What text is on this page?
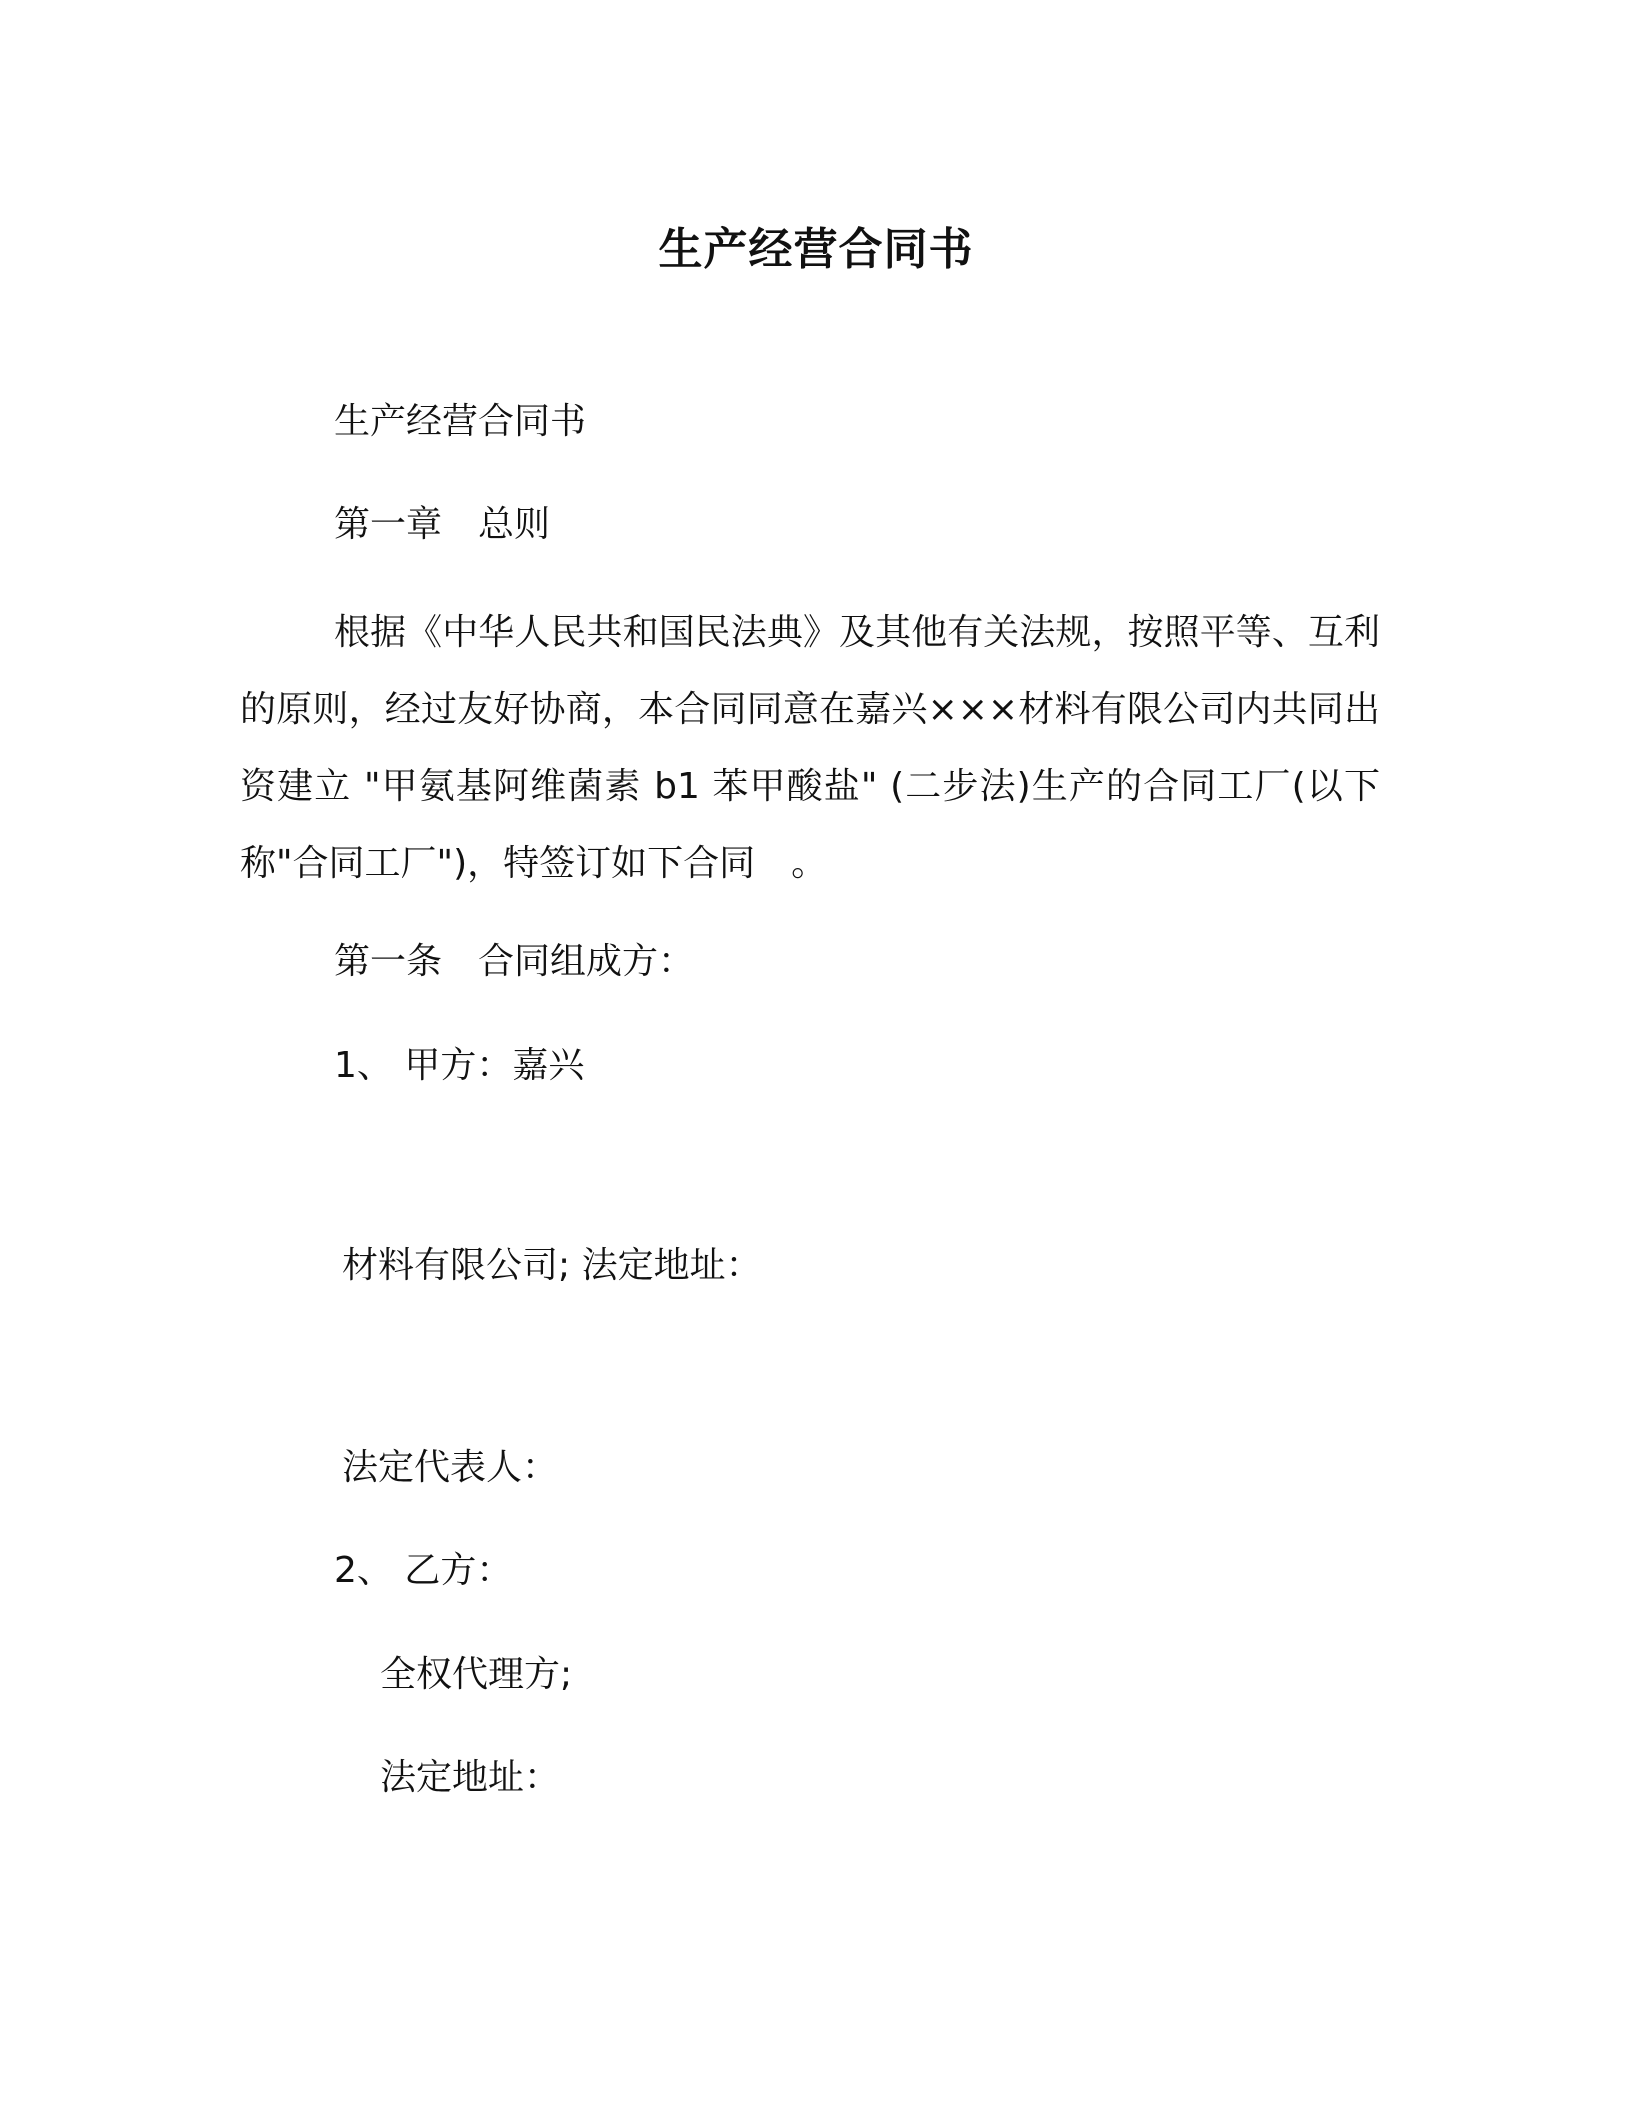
生产经营合同书
生产经营合同书
第一章 总则

根据《中华人民共和国民法典》及其他有关法规，按照平等、互利的原则，经过友好协商，本合同同意在嘉兴×××材料有限公司内共同出资建立 "甲氨基阿维菌素 b1 苯甲酸盐" (二步法)生产的合同工厂(以下称"合同工厂")，特签订如下合同　。

第一条 合同组成方：
1、 甲方：嘉兴
材料有限公司; 法定地址：
法定代表人：
2、 乙方：
全权代理方;
法定地址：
